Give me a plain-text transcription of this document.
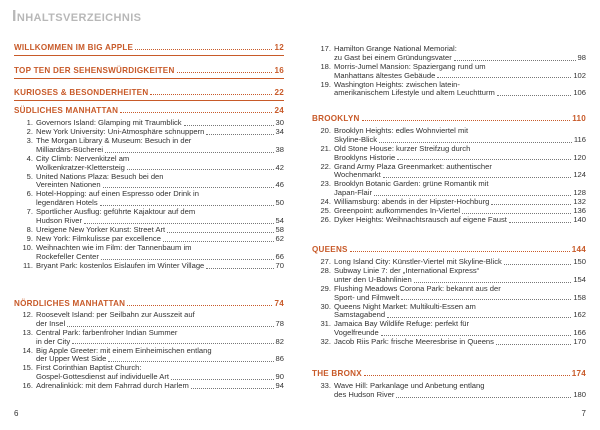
Inhaltsverzeichnis
WILLKOMMEN IM BIG APPLE	12
TOP TEN DER SEHENSWÜRDIGKEITEN	16
KURIOSES & BESONDERHEITEN	22
SÜDLICHES MANHATTAN	24
1. Governors Island: Glamping mit Traumblick	30
2. New York University: Uni-Atmosphäre schnuppern	34
3. The Morgan Library & Museum: Besuch in der
Milliardärs-Bücherei	38
4. City Climb: Nervenkitzel am
Wolkenkratzer-Klettersteig	42
5. United Nations Plaza: Besuch bei den
Vereinten Nationen	46
6. Hotel-Hopping: auf einen Espresso oder Drink in
legendären Hotels	50
7. Sportlicher Ausflug: geführte Kajaktour auf dem
Hudson River	54
8. Ureigene New Yorker Kunst: Street Art	58
9. New York: Filmkulisse par excellence	62
10. Weihnachten wie im Film: der Tannenbaum im
Rockefeller Center	66
11. Bryant Park: kostenlos Eislaufen im Winter Village	70
NÖRDLICHES MANHATTAN	74
12. Roosevelt Island: per Seilbahn zur Ausszeit auf
der Insel	78
13. Central Park: farbenfroher Indian Summer
in der City	82
14. Big Apple Greeter: mit einem Einheimischen entlang
der Upper West Side	86
15. First Corinthian Baptist Church:
Gospel-Gottesdienst auf individuelle Art	90
16. Adrenalinkick: mit dem Fahrrad durch Harlem	94
17. Hamilton Grange National Memorial:
zu Gast bei einem Gründungsvater	98
18. Morris-Jumel Mansion: Spaziergang rund um
Manhattans ältestes Gebäude	102
19. Washington Heights: zwischen latein-
amerikanischem Lifestyle und altem Leuchtturm	106
BROOKLYN	110
20. Brooklyn Heights: edles Wohnviertel mit
Skyline-Blick	116
21. Old Stone House: kurzer Streifzug durch
Brooklyns Historie	120
22. Grand Army Plaza Greenmarket: authentischer
Wochenmarkt	124
23. Brooklyn Botanic Garden: grüne Romantik mit
Japan-Flair	128
24. Williamsburg: abends in der Hipster-Hochburg	132
25. Greenpoint: aufkommendes In-Viertel	136
26. Dyker Heights: Weihnachtsrausch auf eigene Faust	140
QUEENS	144
27. Long Island City: Künstler-Viertel mit Skyline-Blick	150
28. Subway Linie 7: der „International Express“
unter den U-Bahnlinien	154
29. Flushing Meadows Corona Park: bekannt aus der
Sport- und Filmwelt	158
30. Queens Night Market: Multikulti-Essen am
Samstagabend	162
31. Jamaica Bay Wildlife Refuge: perfekt für
Vogelfreunde	166
32. Jacob Riis Park: frische Meeresbrise in Queens	170
THE BRONX	174
33. Wave Hill: Parkanlage und Anbetung entlang
des Hudson River	180
6	7
